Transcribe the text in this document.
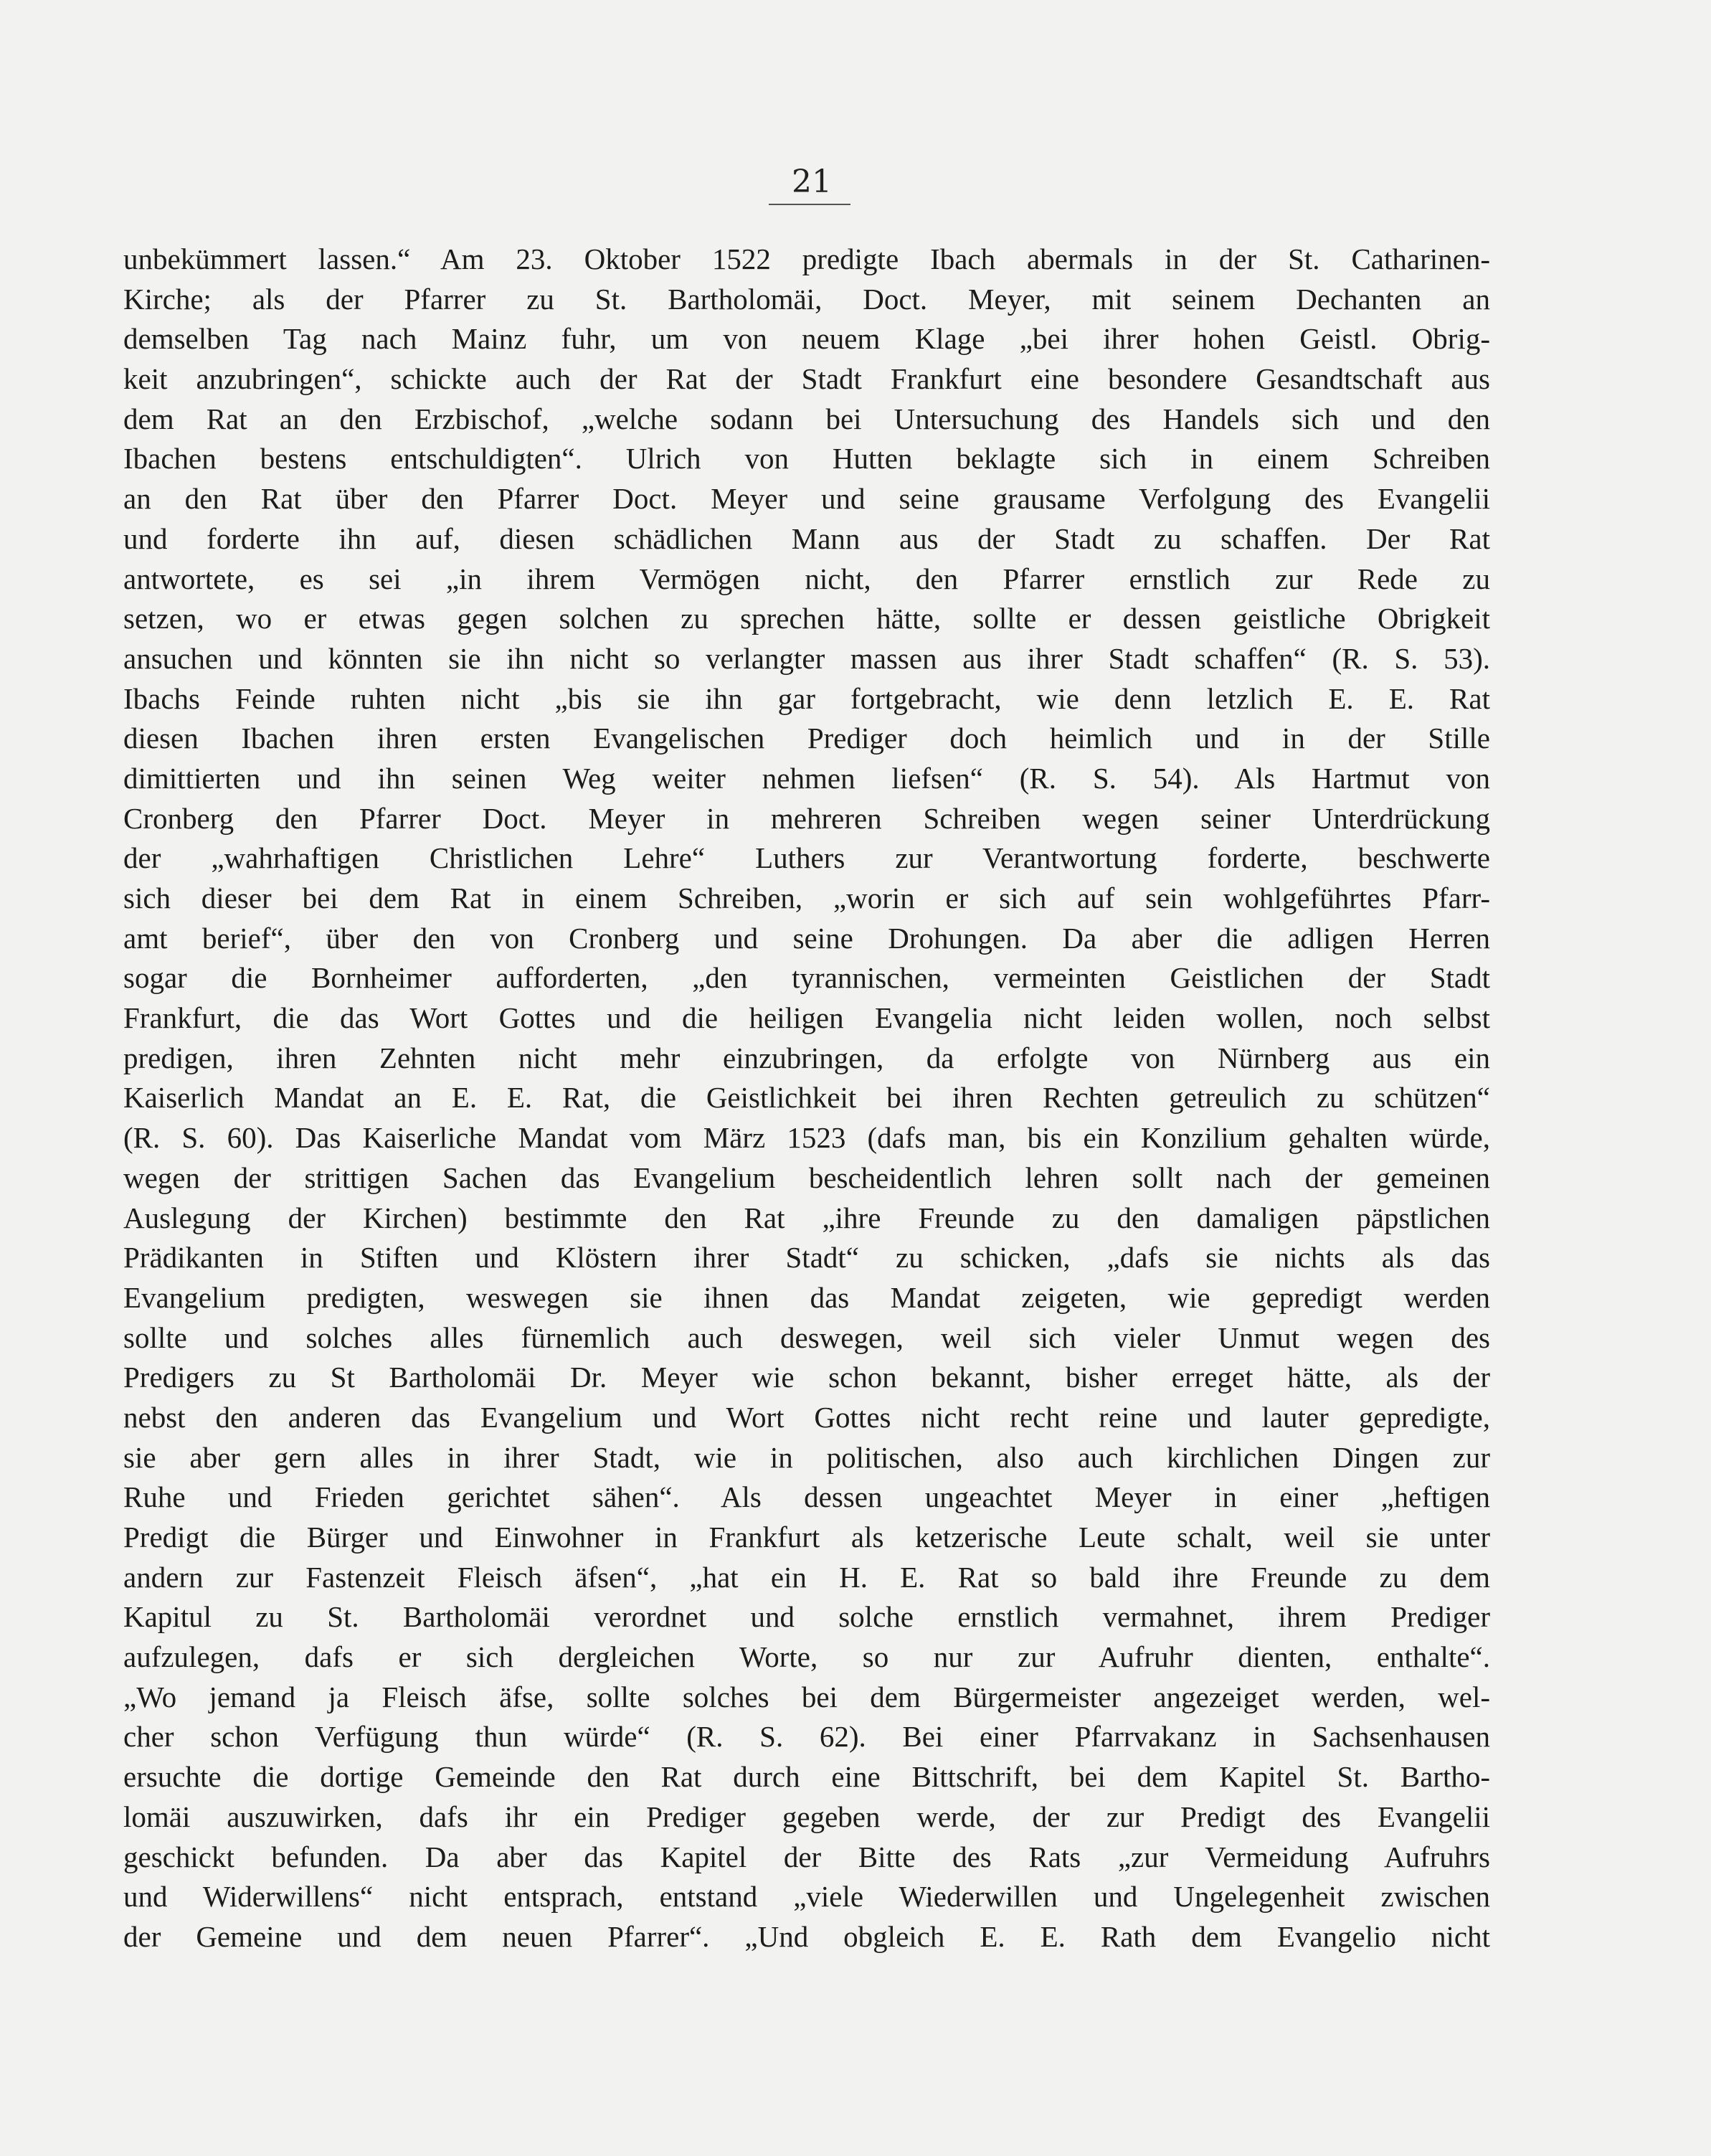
21
unbekümmert lassen.“ Am 23. Oktober 1522 predigte Ibach abermals in der St. Catharinen-
Kirche; als der Pfarrer zu St. Bartholomäi, Doct. Meyer, mit seinem Dechanten an
demselben Tag nach Mainz fuhr, um von neuem Klage „bei ihrer hohen Geistl. Obrig-
keit anzubringen“, schickte auch der Rat der Stadt Frankfurt eine besondere Gesandtschaft aus
dem Rat an den Erzbischof, „welche sodann bei Untersuchung des Handels sich und den
Ibachen bestens entschuldigten“. Ulrich von Hutten beklagte sich in einem Schreiben
an den Rat über den Pfarrer Doct. Meyer und seine grausame Verfolgung des Evangelii
und forderte ihn auf, diesen schädlichen Mann aus der Stadt zu schaffen. Der Rat
antwortete, es sei „in ihrem Vermögen nicht, den Pfarrer ernstlich zur Rede zu
setzen, wo er etwas gegen solchen zu sprechen hätte, sollte er dessen geistliche Obrigkeit
ansuchen und könnten sie ihn nicht so verlangter massen aus ihrer Stadt schaffen“ (R. S. 53).
Ibachs Feinde ruhten nicht „bis sie ihn gar fortgebracht, wie denn letzlich E. E. Rat
diesen Ibachen ihren ersten Evangelischen Prediger doch heimlich und in der Stille
dimittierten und ihn seinen Weg weiter nehmen liefsen“ (R. S. 54). Als Hartmut von
Cronberg den Pfarrer Doct. Meyer in mehreren Schreiben wegen seiner Unterdrückung
der „wahrhaftigen Christlichen Lehre“ Luthers zur Verantwortung forderte, beschwerte
sich dieser bei dem Rat in einem Schreiben, „worin er sich auf sein wohlgeführtes Pfarr-
amt berief“, über den von Cronberg und seine Drohungen. Da aber die adligen Herren
sogar die Bornheimer aufforderten, „den tyrannischen, vermeinten Geistlichen der Stadt
Frankfurt, die das Wort Gottes und die heiligen Evangelia nicht leiden wollen, noch selbst
predigen, ihren Zehnten nicht mehr einzubringen, da erfolgte von Nürnberg aus ein
Kaiserlich Mandat an E. E. Rat, die Geistlichkeit bei ihren Rechten getreulich zu schützen“
(R. S. 60). Das Kaiserliche Mandat vom März 1523 (dafs man, bis ein Konzilium gehalten würde,
wegen der strittigen Sachen das Evangelium bescheidentlich lehren sollt nach der gemeinen
Auslegung der Kirchen) bestimmte den Rat „ihre Freunde zu den damaligen päpstlichen
Prädikanten in Stiften und Klöstern ihrer Stadt“ zu schicken, „dafs sie nichts als das
Evangelium predigten, weswegen sie ihnen das Mandat zeigeten, wie gepredigt werden
sollte und solches alles fürnemlich auch deswegen, weil sich vieler Unmut wegen des
Predigers zu St Bartholomäi Dr. Meyer wie schon bekannt, bisher erreget hätte, als der
nebst den anderen das Evangelium und Wort Gottes nicht recht reine und lauter gepredigte,
sie aber gern alles in ihrer Stadt, wie in politischen, also auch kirchlichen Dingen zur
Ruhe und Frieden gerichtet sähen“. Als dessen ungeachtet Meyer in einer „heftigen
Predigt die Bürger und Einwohner in Frankfurt als ketzerische Leute schalt, weil sie unter
andern zur Fastenzeit Fleisch äfsen“, „hat ein H. E. Rat so bald ihre Freunde zu dem
Kapitul zu St. Bartholomäi verordnet und solche ernstlich vermahnet, ihrem Prediger
aufzulegen, dafs er sich dergleichen Worte, so nur zur Aufruhr dienten, enthalte“.
„Wo jemand ja Fleisch äfse, sollte solches bei dem Bürgermeister angezeiget werden, wel-
cher schon Verfügung thun würde“ (R. S. 62). Bei einer Pfarrvakanz in Sachsenhausen
ersuchte die dortige Gemeinde den Rat durch eine Bittschrift, bei dem Kapitel St. Bartho-
lomäi auszuwirken, dafs ihr ein Prediger gegeben werde, der zur Predigt des Evangelii
geschickt befunden. Da aber das Kapitel der Bitte des Rats „zur Vermeidung Aufruhrs
und Widerwillens“ nicht entsprach, entstand „viele Wiederwillen und Ungelegenheit zwischen
der Gemeine und dem neuen Pfarrer“. „Und obgleich E. E. Rath dem Evangelio nicht
